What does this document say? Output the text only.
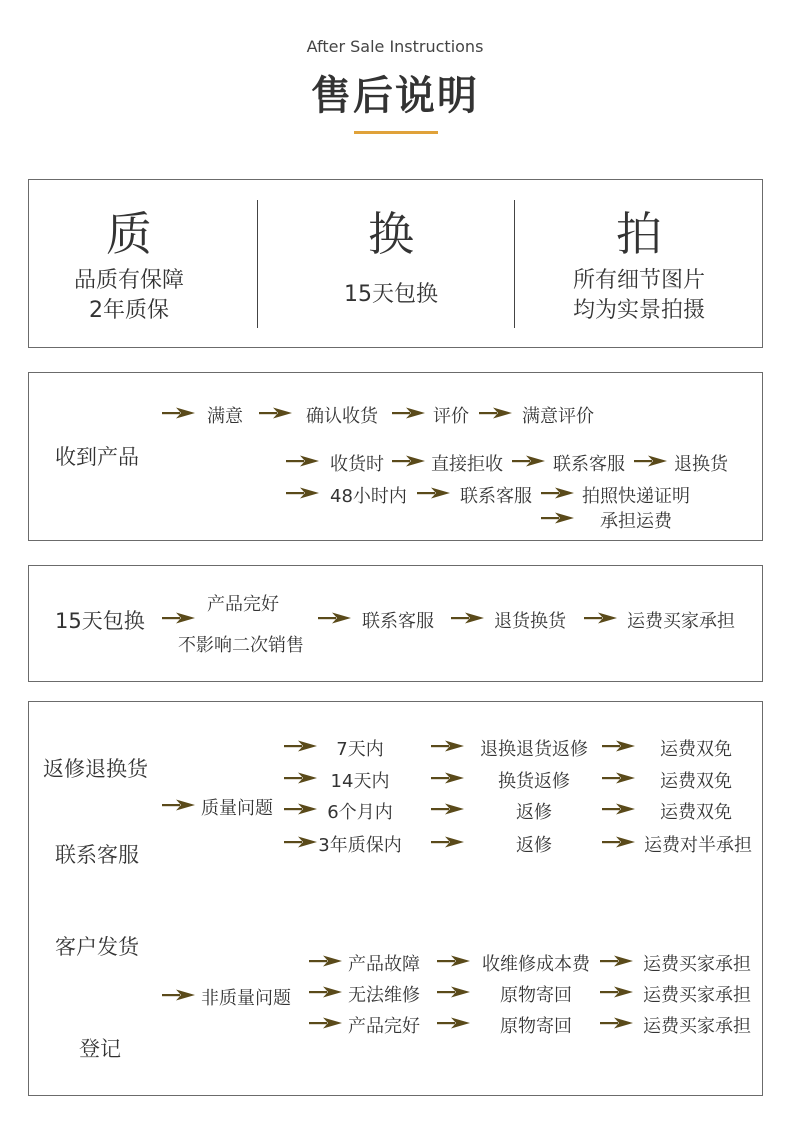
After Sale Instructions
售后说明
质
品质有保障
2年质保
换
15天包换
拍
所有细节图片
均为实景拍摄
收到产品
满意	确认收货	评价	满意评价
收货时	直接拒收	联系客服	退换货
48小时内	联系客服	拍照快递证明
承担运费
15天包换
产品完好
不影响二次销售
联系客服	退货换货	运费买家承担
返修退换货
联系客服
客户发货
登记
质量问题
7天内	退换退货返修	运费双免
14天内	换货返修	运费双免
6个月内	返修	运费双免
3年质保内	返修	运费对半承担
非质量问题
产品故障	收维修成本费	运费买家承担
无法维修	原物寄回	运费买家承担
产品完好	原物寄回	运费买家承担
